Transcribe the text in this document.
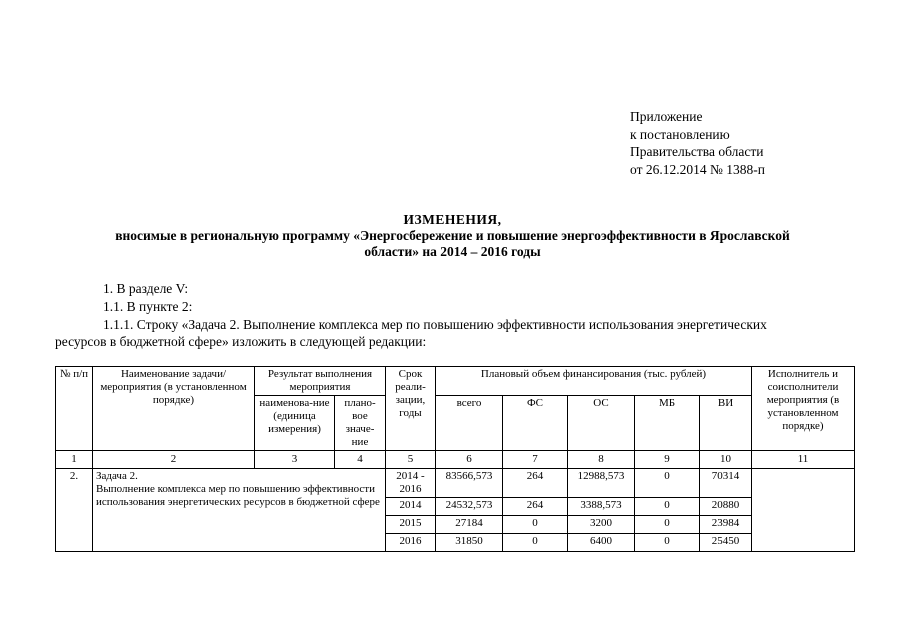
Приложение
к постановлению
Правительства области
от 26.12.2014 № 1388-п
ИЗМЕНЕНИЯ,
вносимые в региональную программу «Энергосбережение и повышение энергоэффективности в Ярославской
области» на 2014 – 2016 годы
1. В разделе V:
1.1. В пункте 2:
1.1.1. Строку «Задача 2. Выполнение комплекса мер по повышению эффективности использования энергетических
ресурсов в бюджетной сфере» изложить в следующей редакции:
№ п/п	Наименование задачи/мероприятия (в установленном порядке)	Результат выполнения мероприятия		Срок реали-зации, годы	Плановый объем финансирования (тыс. рублей)					Исполнитель и соисполнители мероприятия (в установленном порядке)
		наименова-ние (единица измерения)	плано-вое значе-ние		всего	ФС	ОС	МБ	ВИ	
1	2	3	4	5	6	7	8	9	10	11
2.	Задача 2.
Выполнение комплекса мер по повышению эффективности использования энергетических ресурсов в бюджетной сфере			2014 - 2016	83566,573	264	12988,573	0	70314	
				2014	24532,573	264	3388,573	0	20880	
				2015	27184	0	3200	0	23984	
				2016	31850	0	6400	0	25450	
